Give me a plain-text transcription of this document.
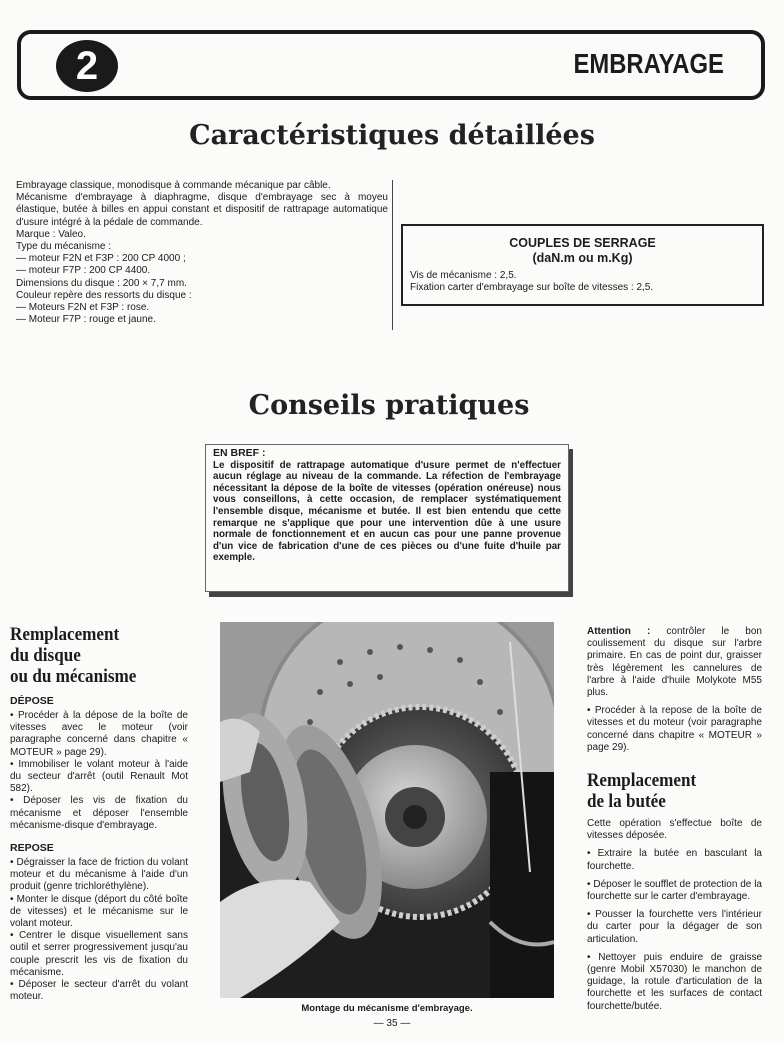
2	EMBRAYAGE
Caractéristiques détaillées

Embrayage classique, monodisque à commande mécanique par câble.

Mécanisme d'embrayage à diaphragme, disque d'embrayage sec à moyeu élastique, butée à billes en appui constant et dispositif de rattrapage automatique d'usure intégré à la pédale de commande.

Marque : Valeo.

Type du mécanisme :

— moteur F2N et F3P : 200 CP 4000 ;

— moteur F7P : 200 CP 4400.

Dimensions du disque : 200 × 7,7 mm.

Couleur repère des ressorts du disque :

— Moteurs F2N et F3P : rose.

— Moteur F7P : rouge et jaune.

COUPLES DE SERRAGE
(daN.m ou m.Kg)

Vis de mécanisme : 2,5.

Fixation carter d'embrayage sur boîte de vitesses : 2,5.

Conseils pratiques
EN BREF :
Le dispositif de rattrapage automatique d'usure permet de n'effectuer aucun réglage au niveau de la commande. La réfection de l'embrayage nécessitant la dépose de la boîte de vitesses (opération onéreuse) nous vous conseillons, à cette occasion, de remplacer systématiquement l'ensemble disque, mécanisme et butée. Il est bien entendu que cette remarque ne s'applique que pour une intervention dûe à une usure normale de fonctionnement et en aucun cas pour une panne provenue d'un vice de fabrication d'une de ces pièces ou d'une fuite d'huile par exemple.
Remplacement
du disque
ou du mécanisme
DÉPOSE

• Procéder à la dépose de la boîte de vitesses avec le moteur (voir paragraphe concerné dans chapitre « MOTEUR » page 29).

• Immobiliser le volant moteur à l'aide du secteur d'arrêt (outil Renault Mot 582).

• Déposer les vis de fixation du mécanisme et déposer l'ensemble mécanisme-disque d'embrayage.

REPOSE

• Dégraisser la face de friction du volant moteur et du mécanisme à l'aide d'un produit (genre trichloréthylène).

• Monter le disque (déport du côté boîte de vitesses) et le mécanisme sur le volant moteur.

• Centrer le disque visuellement sans outil et serrer progressivement jusqu'au couple prescrit les vis de fixation du mécanisme.

• Déposer le secteur d'arrêt du volant moteur.

Montage du mécanisme d'embrayage.

Attention : contrôler le bon coulissement du disque sur l'arbre primaire. En cas de point dur, graisser très légèrement les cannelures de l'arbre à l'aide d'huile Molykote M55 plus.

• Procéder à la repose de la boîte de vitesses et du moteur (voir paragraphe concerné dans chapitre « MOTEUR » page 29).

Remplacement
de la butée

Cette opération s'effectue boîte de vitesses déposée.

• Extraire la butée en basculant la fourchette.

• Déposer le soufflet de protection de la fourchette sur le carter d'embrayage.

• Pousser la fourchette vers l'intérieur du carter pour la dégager de son articulation.

• Nettoyer puis enduire de graisse (genre Mobil X57030) le manchon de guidage, la rotule d'articulation de la fourchette et les surfaces de contact fourchette/butée.

— 35 —
